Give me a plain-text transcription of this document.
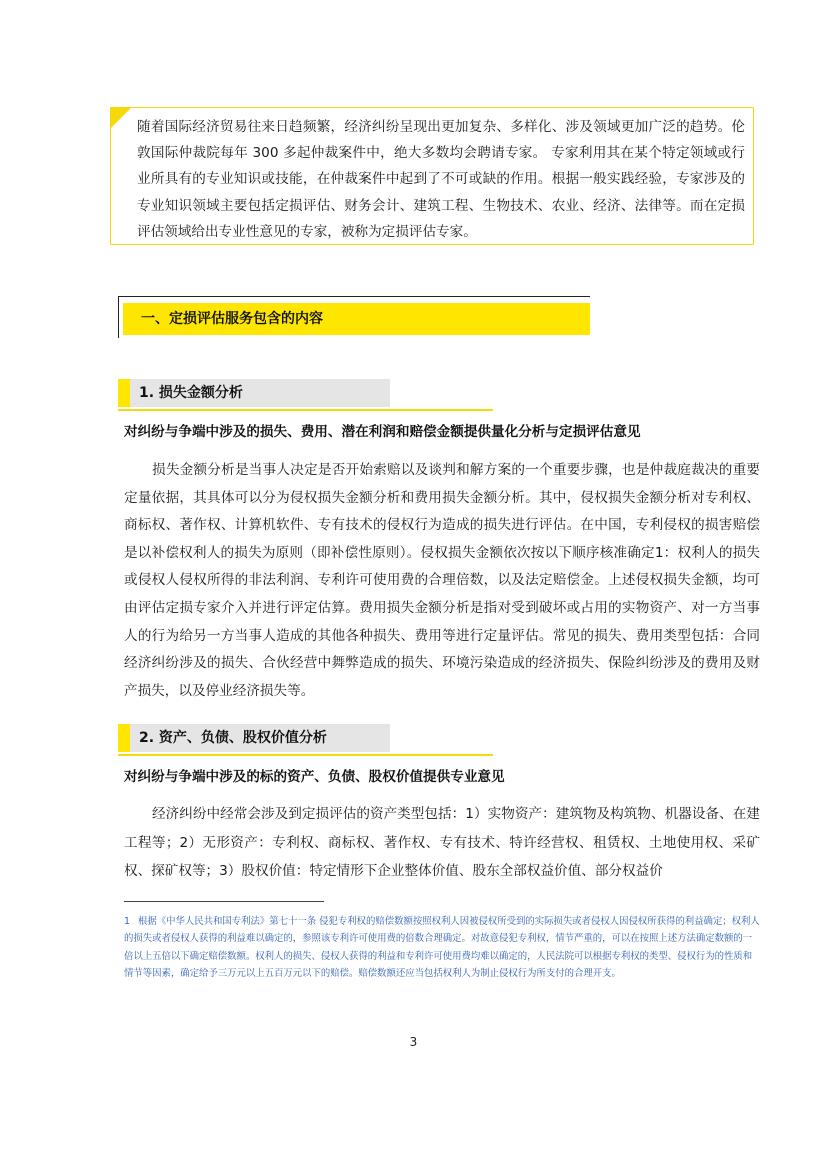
随着国际经济贸易往来日趋频繁，经济纠纷呈现出更加复杂、多样化、涉及领域更加广泛的趋势。伦敦国际仲裁院每年 300 多起仲裁案件中，绝大多数均会聘请专家。 专家利用其在某个特定领域或行业所具有的专业知识或技能，在仲裁案件中起到了不可或缺的作用。根据一般实践经验，专家涉及的专业知识领域主要包括定损评估、财务会计、建筑工程、生物技术、农业、经济、法律等。而在定损评估领域给出专业性意见的专家，被称为定损评估专家。
一、定损评估服务包含的内容
1. 损失金额分析
对纠纷与争端中涉及的损失、费用、潜在利润和赔偿金额提供量化分析与定损评估意见
损失金额分析是当事人决定是否开始索赔以及谈判和解方案的一个重要步骤，也是仲裁庭裁决的重要定量依据，其具体可以分为侵权损失金额分析和费用损失金额分析。其中，侵权损失金额分析对专利权、商标权、著作权、计算机软件、专有技术的侵权行为造成的损失进行评估。在中国，专利侵权的损害赔偿是以补偿权利人的损失为原则（即补偿性原则）。侵权损失金额依次按以下顺序核准确定1：权利人的损失或侵权人侵权所得的非法利润、专利许可使用费的合理倍数，以及法定赔偿金。上述侵权损失金额，均可由评估定损专家介入并进行评定估算。费用损失金额分析是指对受到破坏或占用的实物资产、对一方当事人的行为给另一方当事人造成的其他各种损失、费用等进行定量评估。常见的损失、费用类型包括：合同经济纠纷涉及的损失、合伙经营中舞弊造成的损失、环境污染造成的经济损失、保险纠纷涉及的费用及财产损失，以及停业经济损失等。
2. 资产、负债、股权价值分析
对纠纷与争端中涉及的标的资产、负债、股权价值提供专业意见
经济纠纷中经常会涉及到定损评估的资产类型包括：1）实物资产：建筑物及构筑物、机器设备、在建工程等；2）无形资产：专利权、商标权、著作权、专有技术、特许经营权、租赁权、土地使用权、采矿权、探矿权等；3）股权价值：特定情形下企业整体价值、股东全部权益价值、部分权益价
1 根据《中华人民共和国专利法》第七十一条 侵犯专利权的赔偿数额按照权利人因被侵权所受到的实际损失或者侵权人因侵权所获得的利益确定；权利人的损失或者侵权人获得的利益难以确定的，参照该专利许可使用费的倍数合理确定。对故意侵犯专利权，情节严重的，可以在按照上述方法确定数额的一倍以上五倍以下确定赔偿数额。权利人的损失、侵权人获得的利益和专利许可使用费均难以确定的，人民法院可以根据专利权的类型、侵权行为的性质和情节等因素，确定给予三万元以上五百万元以下的赔偿。赔偿数额还应当包括权利人为制止侵权行为所支付的合理开支。
3
